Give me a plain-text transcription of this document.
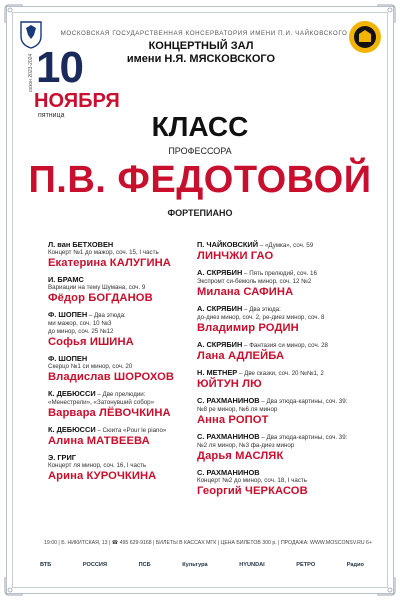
МОСКОВСКАЯ ГОСУДАРСТВЕННАЯ КОНСЕРВАТОРИЯ ИМЕНИ П.И. ЧАЙКОВСКОГО
КОНЦЕРТНЫЙ ЗАЛ
имени Н.Я. МЯСКОВСКОГО
сезон 2023-2024 10
НОЯБРЯ
пятница	КЛАСС
ПРОФЕССОРА
П.В. ФЕДОТОВОЙ
ФОРТЕПИАНО
Л. ван БЕТХОВЕН
Концерт №1 до мажор, соч. 15, I часть
Екатерина КАЛУГИНА
И. БРАМС
Вариации на тему Шумана, соч. 9
Фёдор БОГДАНОВ
Ф. ШОПЕН – Два этюда:
ми мажор, соч. 10 №3
до минор, соч. 25 №12
Софья ИШИНА
Ф. ШОПЕН
Скерцо №1 си минор, соч. 20
Владислав ШОРОХОВ
К. ДЕБЮССИ – Две прелюдии:
«Менестрели», «Затонувший собор»
Варвара ЛЁВОЧКИНА
К. ДЕБЮССИ – Сюита «Pour le piano»
Алина МАТВЕЕВА
Э. ГРИГ
Концерт ля минор, соч. 16, I часть
Арина КУРОЧКИНА
П. ЧАЙКОВСКИЙ – «Думка», соч. 59
ЛИНЧЖИ ГАО
А. СКРЯБИН – Пять прелюдий, соч. 16
Экспромт си-бемоль минор, соч. 12 №2
Милана САФИНА
А. СКРЯБИН – Два этюда:
до-диез минор, соч. 2, ре-диез минор, соч. 8
Владимир РОДИН
А. СКРЯБИН – Фантазия си минор, соч. 28
Лана АДЛЕЙБА
Н. МЕТНЕР – Две сказки, соч. 20 №№1, 2
ЮЙТУН ЛЮ
С. РАХМАНИНОВ – Два этюда-картины, соч. 39:
№8 ре минор, №6 ля минор
Анна РОПОТ
С. РАХМАНИНОВ – Два этюда-картины, соч. 39:
№2 ля минор, №3 фа-диез минор
Дарья МАСЛЯК
С. РАХМАНИНОВ
Концерт №2 до минор, соч. 18, I часть
Георгий ЧЕРКАСОВ
19:00 | Б. НИКИТСКАЯ, 13 | ☎ 495 629-9168 | БИЛЕТЫ В КАССАХ МГК | ЦЕНА БИЛЕТОВ 300 р. | ПРОДАЖА: WWW.MOSCONSV.RU 6+
ВТБ	РОССИЯ	ПСБ	Культура	HYUNDAI	РЕТРО	Радио
